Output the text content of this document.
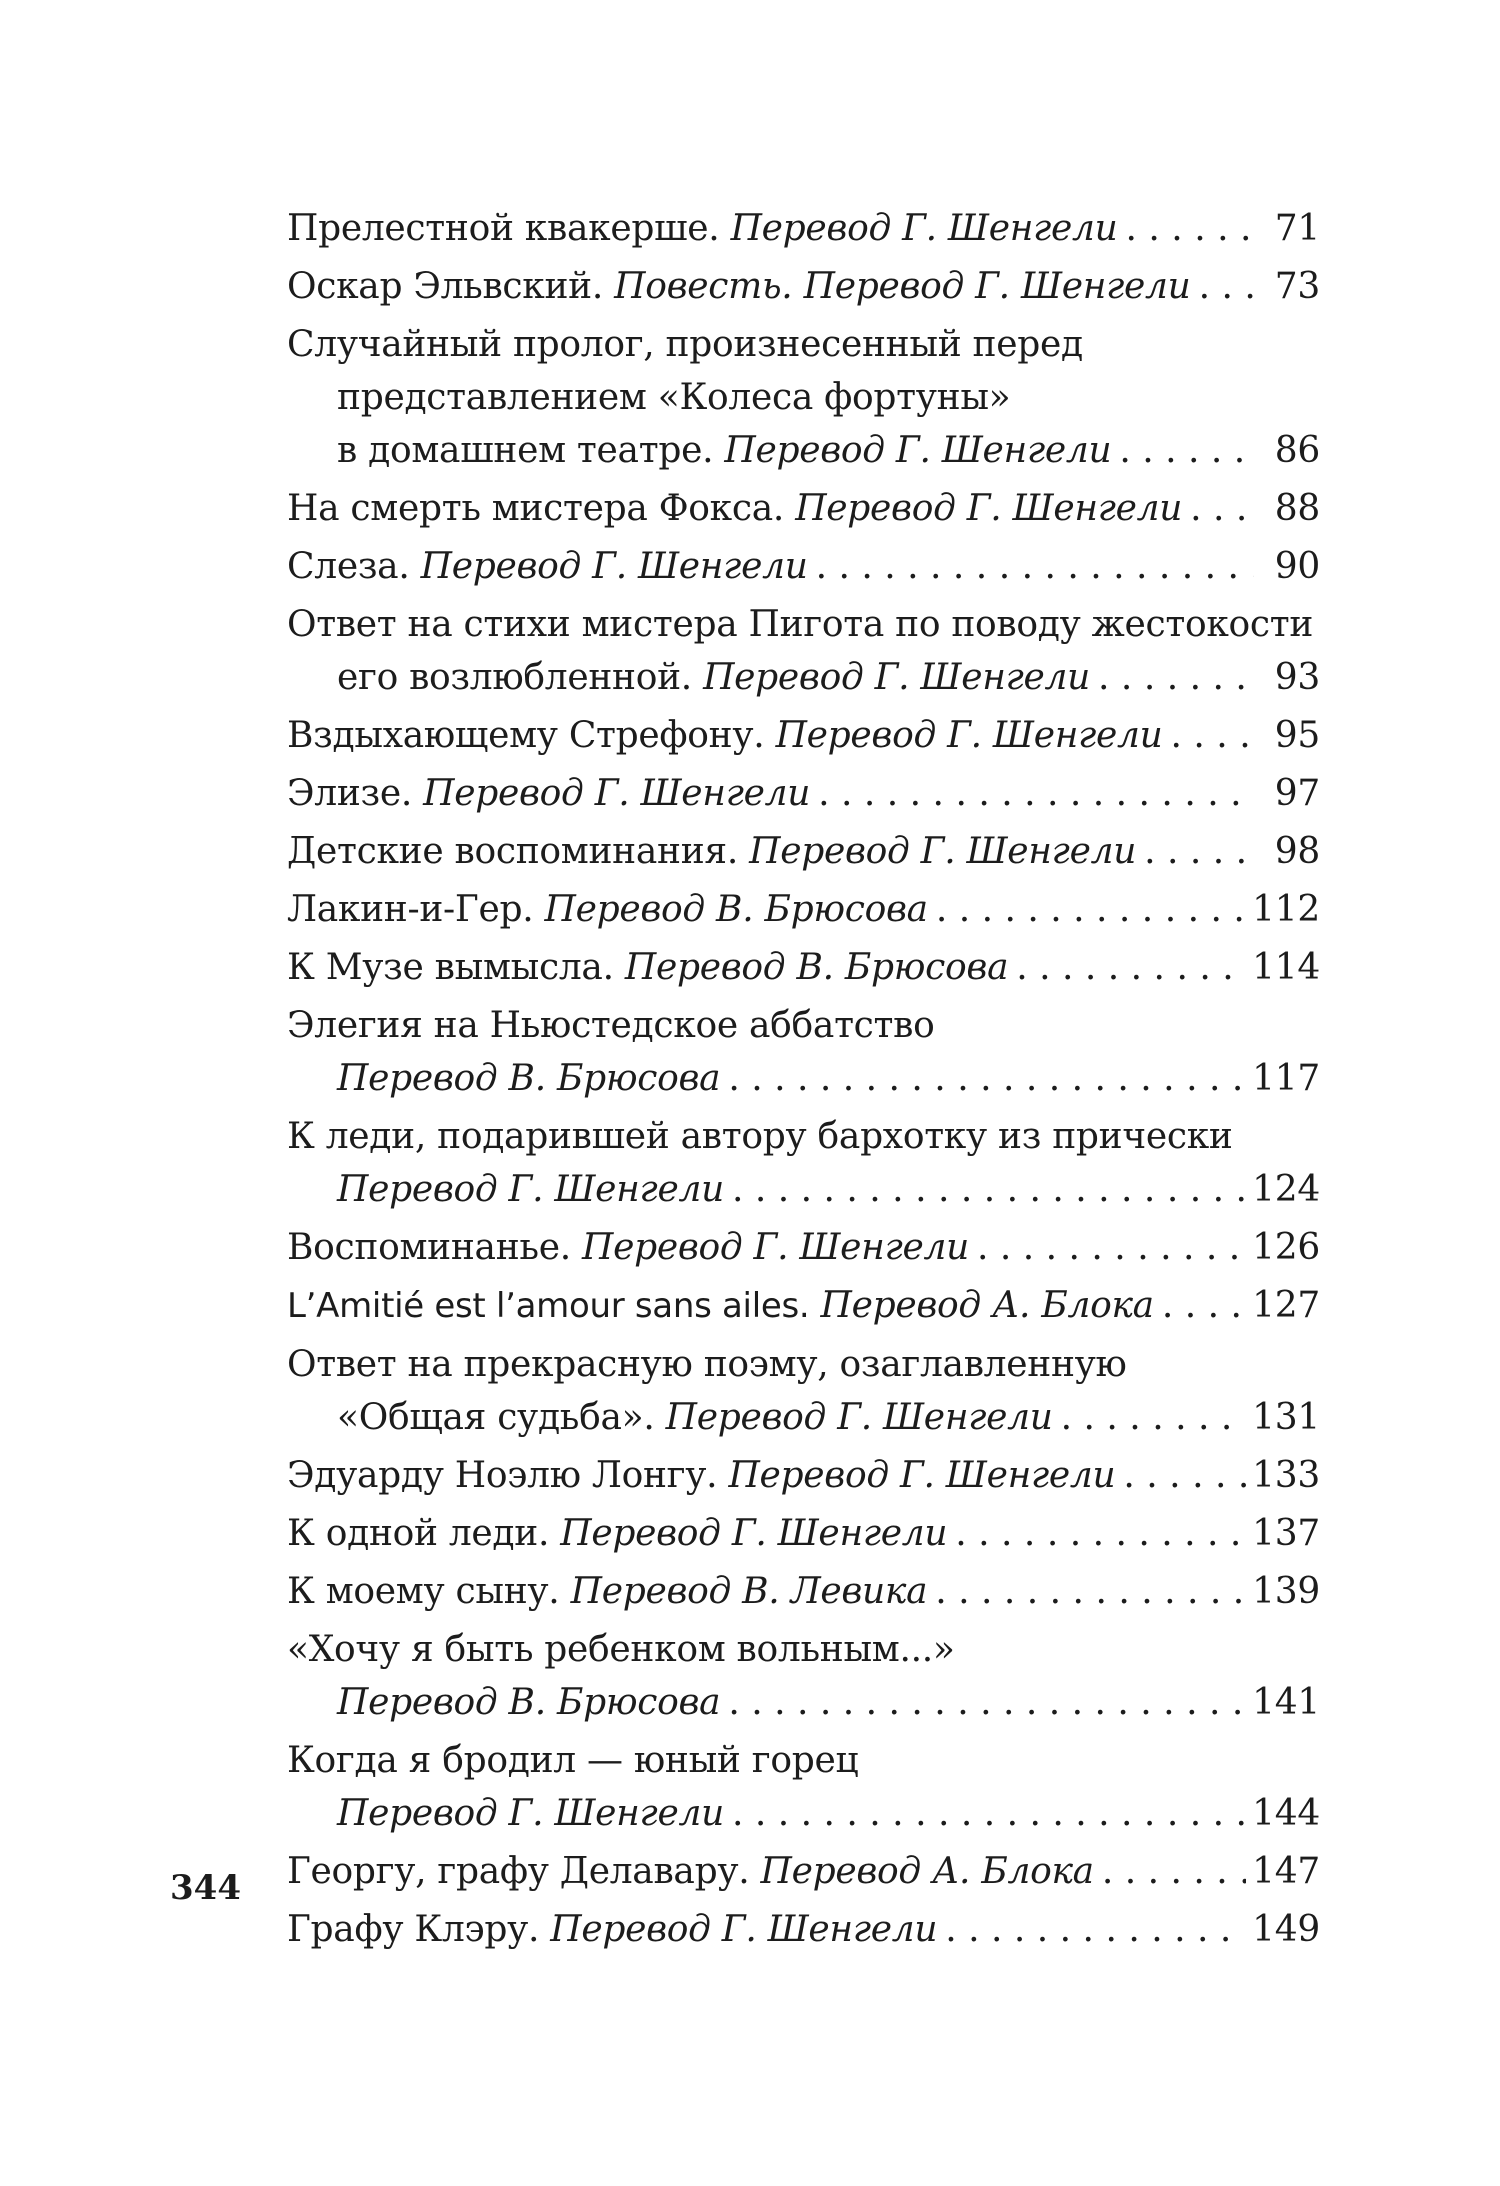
Прелестной квакерше. Перевод Г. Шенгели . . .	71
Оскар Эльвский. Повесть. Перевод Г. Шенгели . . .	73
Случайный пролог, произнесенный перед
представлением «Колеса фортуны»
в домашнем театре. Перевод Г. Шенгели . . .	86
На смерть мистера Фокса. Перевод Г. Шенгели . . .	88
Слеза. Перевод Г. Шенгели . . .	90
Ответ на стихи мистера Пигота по поводу жестокости
его возлюбленной. Перевод Г. Шенгели . . .	93
Вздыхающему Стрефону. Перевод Г. Шенгели . . .	95
Элизе. Перевод Г. Шенгели . . .	97
Детские воспоминания. Перевод Г. Шенгели . . .	98
Лакин-и-Гер. Перевод В. Брюсова . . .	112
К Музе вымысла. Перевод В. Брюсова . . .	114
Элегия на Ньюстедское аббатство
Перевод В. Брюсова . . .	117
К леди, подарившей автору бархотку из прически
Перевод Г. Шенгели . . .	124
Воспоминанье. Перевод Г. Шенгели . . .	126
L’Amitié est l’amour sans ailes. Перевод А. Блока . . .	127
Ответ на прекрасную поэму, озаглавленную
«Общая судьба». Перевод Г. Шенгели . . .	131
Эдуарду Ноэлю Лонгу. Перевод Г. Шенгели . . .	133
К одной леди. Перевод Г. Шенгели . . .	137
К моему сыну. Перевод В. Левика . . .	139
«Хочу я быть ребенком вольным...»
Перевод В. Брюсова . . .	141
Когда я бродил — юный горец
Перевод Г. Шенгели . . .	144
Георгу, графу Делавару. Перевод А. Блока . . .	147
Графу Клэру. Перевод Г. Шенгели . . .	149
344
